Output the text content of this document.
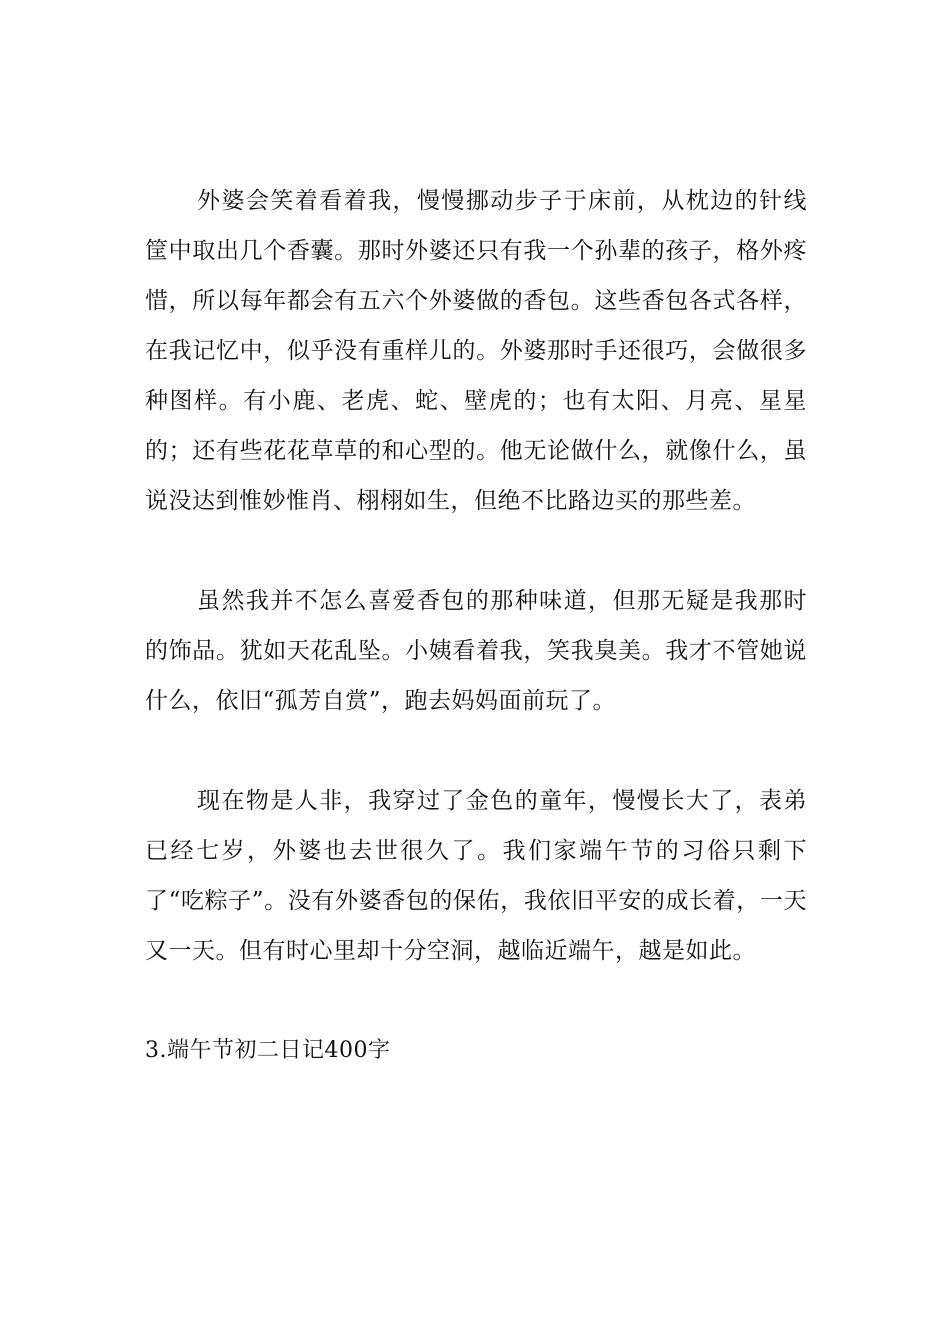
外婆会笑着看着我，慢慢挪动步子于床前，从枕边的针线筐中取出几个香囊。那时外婆还只有我一个孙辈的孩子，格外疼惜，所以每年都会有五六个外婆做的香包。这些香包各式各样，在我记忆中，似乎没有重样儿的。外婆那时手还很巧，会做很多种图样。有小鹿、老虎、蛇、壁虎的；也有太阳、月亮、星星的；还有些花花草草的和心型的。他无论做什么，就像什么，虽说没达到惟妙惟肖、栩栩如生，但绝不比路边买的那些差。

虽然我并不怎么喜爱香包的那种味道，但那无疑是我那时的饰品。犹如天花乱坠。小姨看着我，笑我臭美。我才不管她说什么，依旧“孤芳自赏”，跑去妈妈面前玩了。

现在物是人非，我穿过了金色的童年，慢慢长大了，表弟已经七岁，外婆也去世很久了。我们家端午节的习俗只剩下了“吃粽子”。没有外婆香包的保佑，我依旧平安的成长着，一天又一天。但有时心里却十分空洞，越临近端午，越是如此。

3.端午节初二日记400字
